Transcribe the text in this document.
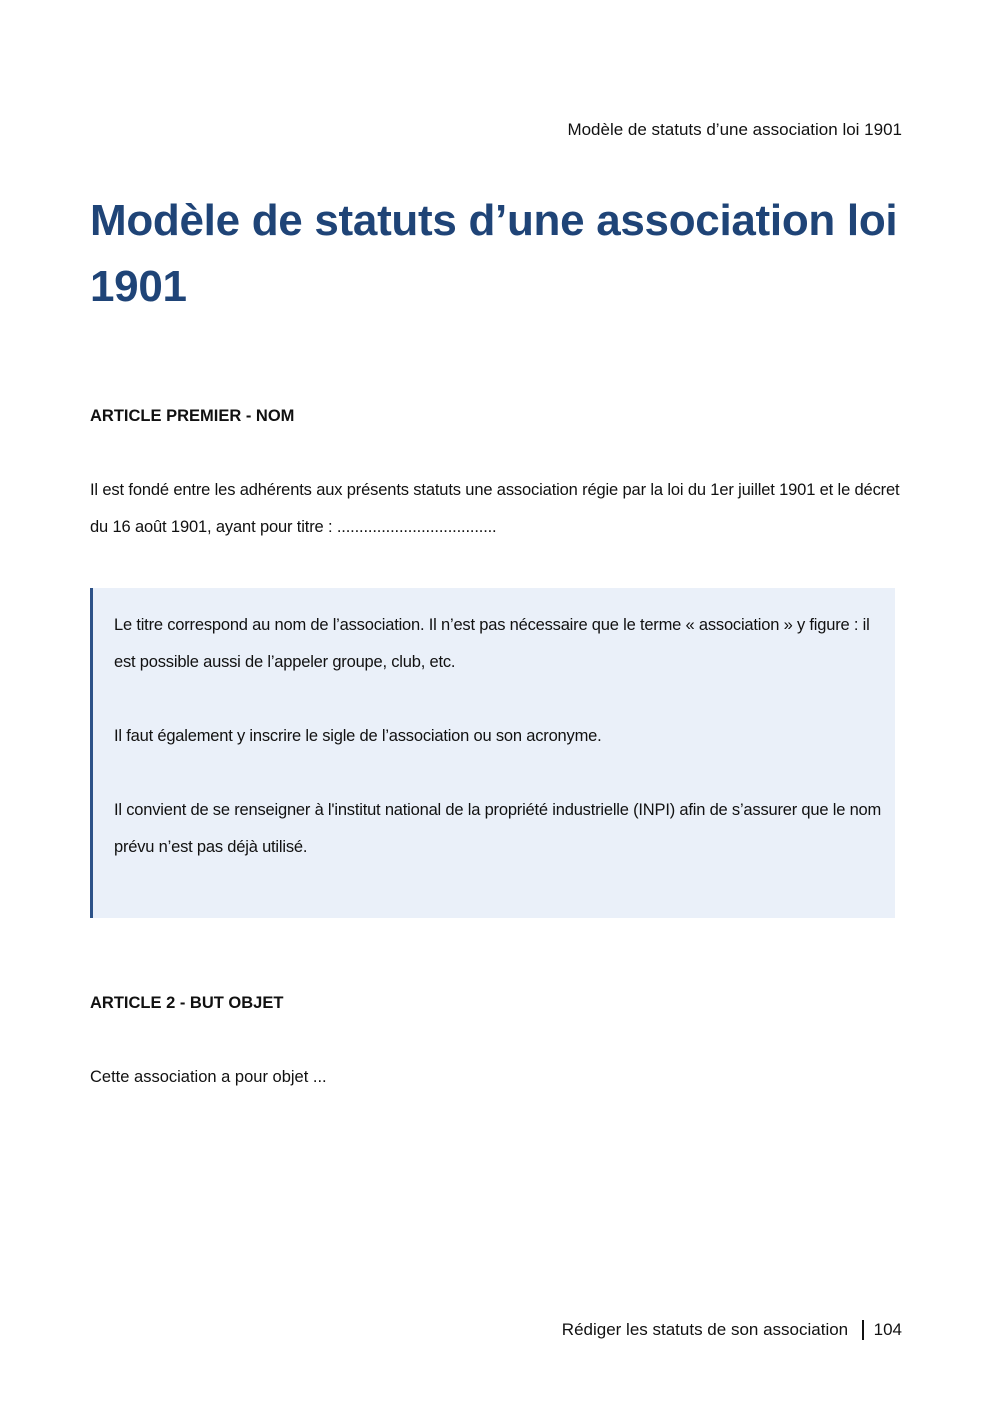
Modèle de statuts d’une association loi 1901
Modèle de statuts d’une association loi 1901
ARTICLE PREMIER - NOM

Il est fondé entre les adhérents aux présents statuts une association régie par la loi du 1er juillet 1901 et le décret du 16 août 1901, ayant pour titre : ....................................

Le titre correspond au nom de l’association. Il n’est pas nécessaire que le terme « association » y figure : il est possible aussi de l’appeler groupe, club, etc.

Il faut également y inscrire le sigle de l’association ou son acronyme.

Il convient de se renseigner à l'institut national de la propriété industrielle (INPI) afin de s’assurer que le nom prévu n’est pas déjà utilisé.

ARTICLE 2 - BUT OBJET

Cette association a pour objet ...

Rédiger les statuts de son association 104
